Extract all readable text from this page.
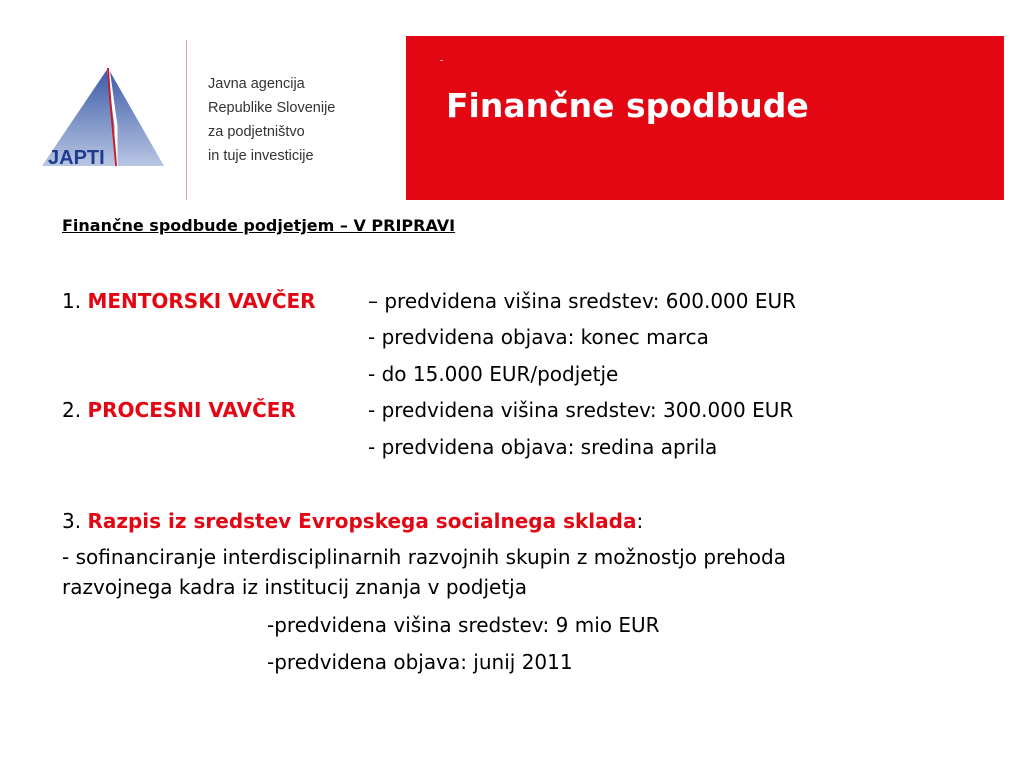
JAPTI
Javna agencija
Republike Slovenije
za podjetništvo
in tuje investicije
Finančne spodbude
Finančne spodbude podjetjem – V PRIPRAVI
1. MENTORSKI VAVČER	– predvidena višina sredstev: 600.000 EUR
- predvidena objava: konec marca
- do 15.000 EUR/podjetje
2. PROCESNI VAVČER	- predvidena višina sredstev: 300.000 EUR
- predvidena objava: sredina aprila
3. Razpis iz sredstev Evropskega socialnega sklada:
- sofinanciranje interdisciplinarnih razvojnih skupin z možnostjo prehoda
razvojnega kadra iz institucij znanja v podjetja
-predvidena višina sredstev: 9 mio EUR
-predvidena objava: junij 2011
